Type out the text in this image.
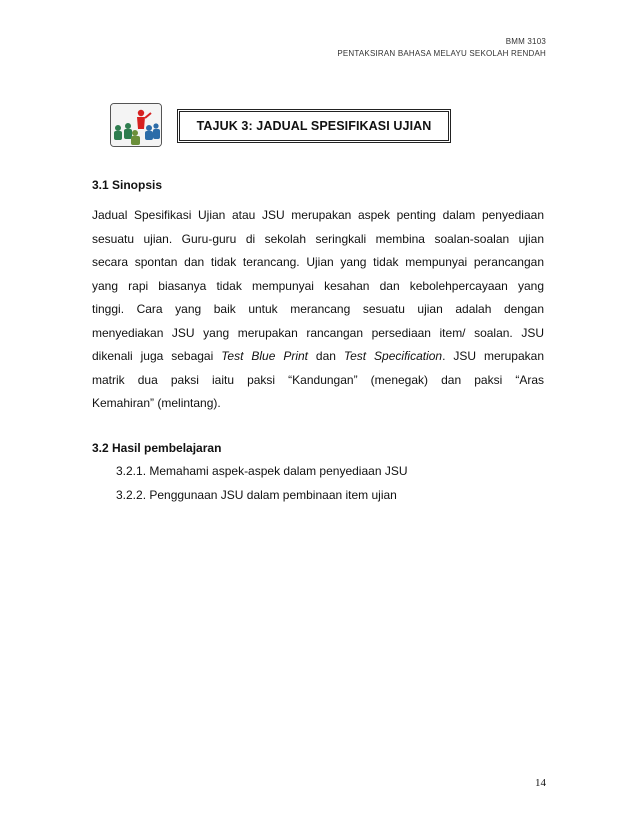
BMM 3103
PENTAKSIRAN BAHASA MELAYU SEKOLAH RENDAH
TAJUK 3: JADUAL SPESIFIKASI UJIAN
3.1 Sinopsis
Jadual Spesifikasi Ujian atau JSU merupakan aspek penting dalam penyediaan
sesuatu ujian. Guru-guru di sekolah seringkali membina soalan-soalan ujian
secara spontan dan tidak terancang. Ujian yang tidak mempunyai perancangan
yang rapi biasanya tidak mempunyai kesahan dan kebolehpercayaan yang
tinggi. Cara yang baik untuk merancang sesuatu ujian adalah dengan
menyediakan JSU yang merupakan rancangan persediaan item/ soalan. JSU
dikenali juga sebagai Test Blue Print dan Test Specification. JSU merupakan
matrik dua paksi iaitu paksi “Kandungan” (menegak) dan paksi “Aras
Kemahiran” (melintang).
3.2 Hasil pembelajaran
3.2.1. Memahami aspek-aspek dalam penyediaan JSU
3.2.2. Penggunaan JSU dalam pembinaan item ujian
14
